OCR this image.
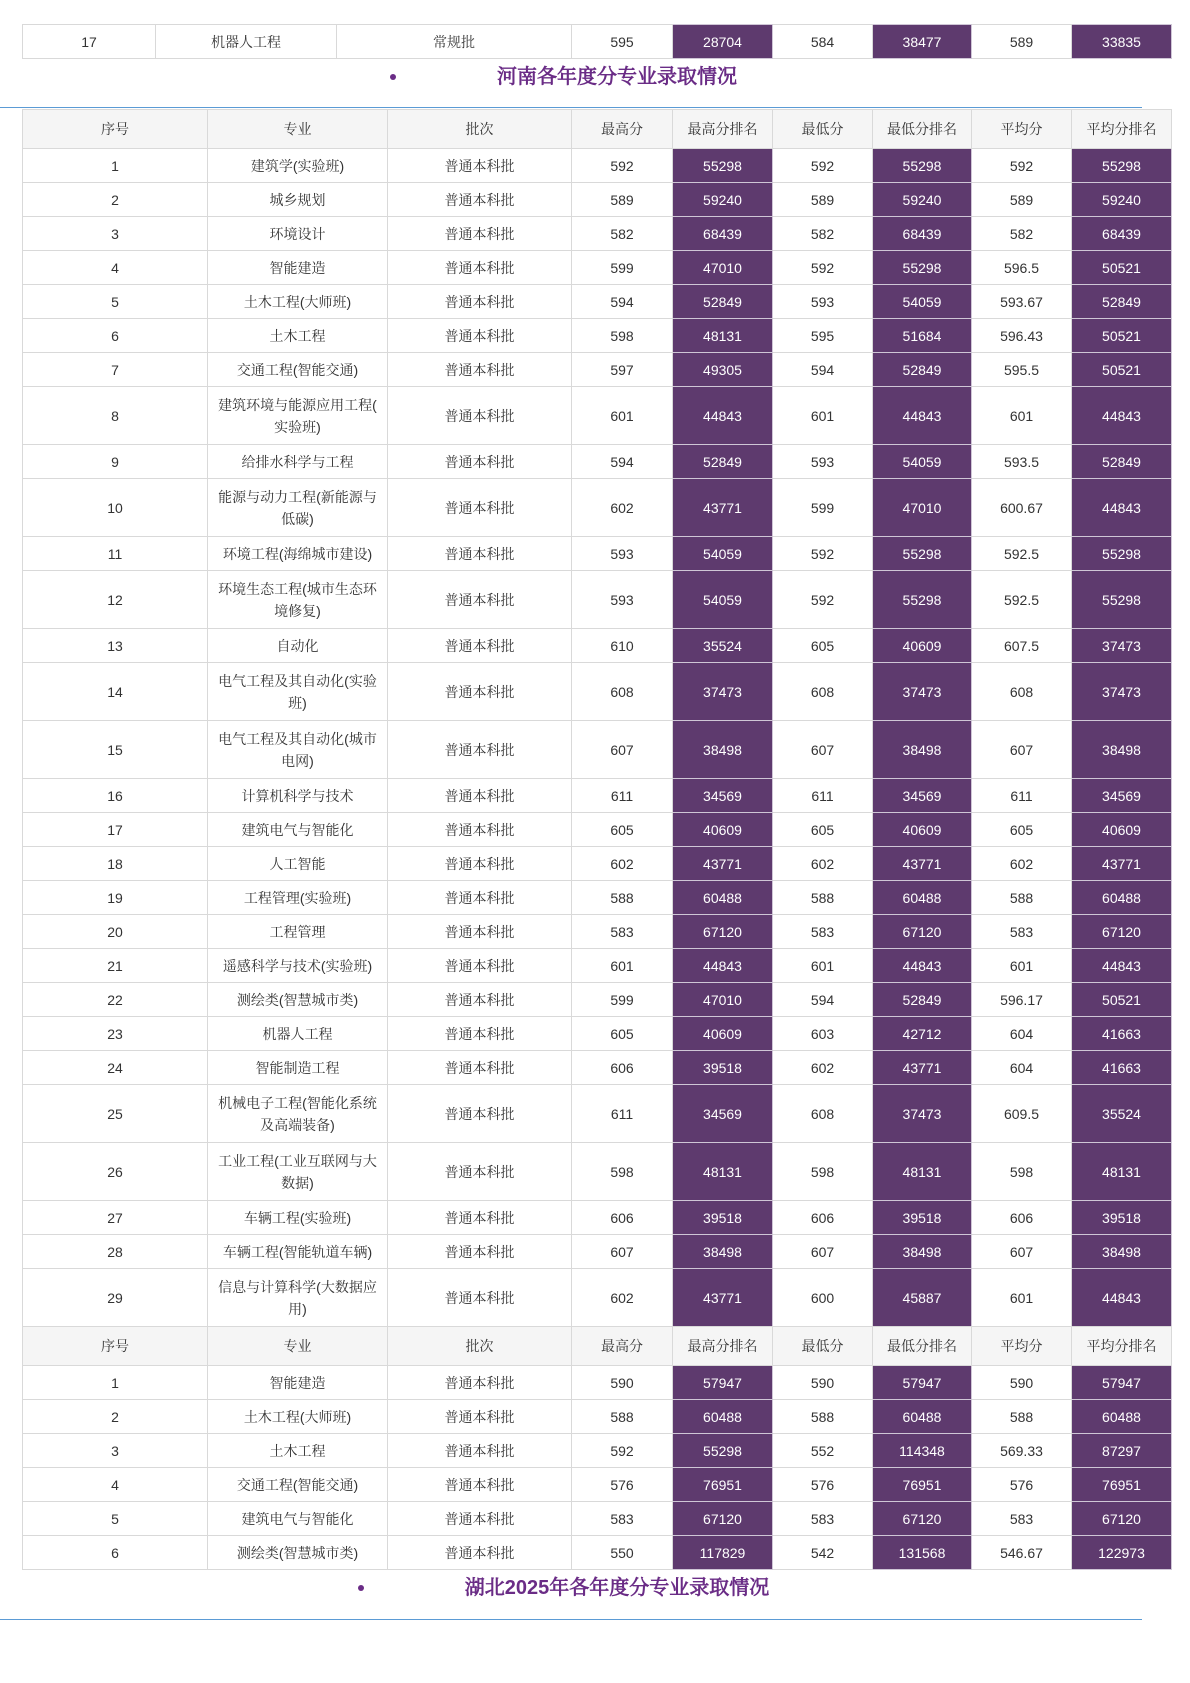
17	机器人工程	常规批	595	28704	584	38477	589	33835
河南各年度分专业录取情况
序号	专业	批次	最高分	最高分排名	最低分	最低分排名	平均分	平均分排名
1	建筑学(实验班)	普通本科批	592	55298	592	55298	592	55298
2	城乡规划	普通本科批	589	59240	589	59240	589	59240
3	环境设计	普通本科批	582	68439	582	68439	582	68439
4	智能建造	普通本科批	599	47010	592	55298	596.5	50521
5	土木工程(大师班)	普通本科批	594	52849	593	54059	593.67	52849
6	土木工程	普通本科批	598	48131	595	51684	596.43	50521
7	交通工程(智能交通)	普通本科批	597	49305	594	52849	595.5	50521
8	建筑环境与能源应用工程(
实验班)	普通本科批	601	44843	601	44843	601	44843
9	给排水科学与工程	普通本科批	594	52849	593	54059	593.5	52849
10	能源与动力工程(新能源与
低碳)	普通本科批	602	43771	599	47010	600.67	44843
11	环境工程(海绵城市建设)	普通本科批	593	54059	592	55298	592.5	55298
12	环境生态工程(城市生态环
境修复)	普通本科批	593	54059	592	55298	592.5	55298
13	自动化	普通本科批	610	35524	605	40609	607.5	37473
14	电气工程及其自动化(实验
班)	普通本科批	608	37473	608	37473	608	37473
15	电气工程及其自动化(城市
电网)	普通本科批	607	38498	607	38498	607	38498
16	计算机科学与技术	普通本科批	611	34569	611	34569	611	34569
17	建筑电气与智能化	普通本科批	605	40609	605	40609	605	40609
18	人工智能	普通本科批	602	43771	602	43771	602	43771
19	工程管理(实验班)	普通本科批	588	60488	588	60488	588	60488
20	工程管理	普通本科批	583	67120	583	67120	583	67120
21	遥感科学与技术(实验班)	普通本科批	601	44843	601	44843	601	44843
22	测绘类(智慧城市类)	普通本科批	599	47010	594	52849	596.17	50521
23	机器人工程	普通本科批	605	40609	603	42712	604	41663
24	智能制造工程	普通本科批	606	39518	602	43771	604	41663
25	机械电子工程(智能化系统
及高端装备)	普通本科批	611	34569	608	37473	609.5	35524
26	工业工程(工业互联网与大
数据)	普通本科批	598	48131	598	48131	598	48131
27	车辆工程(实验班)	普通本科批	606	39518	606	39518	606	39518
28	车辆工程(智能轨道车辆)	普通本科批	607	38498	607	38498	607	38498
29	信息与计算科学(大数据应
用)	普通本科批	602	43771	600	45887	601	44843
序号	专业	批次	最高分	最高分排名	最低分	最低分排名	平均分	平均分排名
1	智能建造	普通本科批	590	57947	590	57947	590	57947
2	土木工程(大师班)	普通本科批	588	60488	588	60488	588	60488
3	土木工程	普通本科批	592	55298	552	114348	569.33	87297
4	交通工程(智能交通)	普通本科批	576	76951	576	76951	576	76951
5	建筑电气与智能化	普通本科批	583	67120	583	67120	583	67120
6	测绘类(智慧城市类)	普通本科批	550	117829	542	131568	546.67	122973
湖北2025年各年度分专业录取情况
